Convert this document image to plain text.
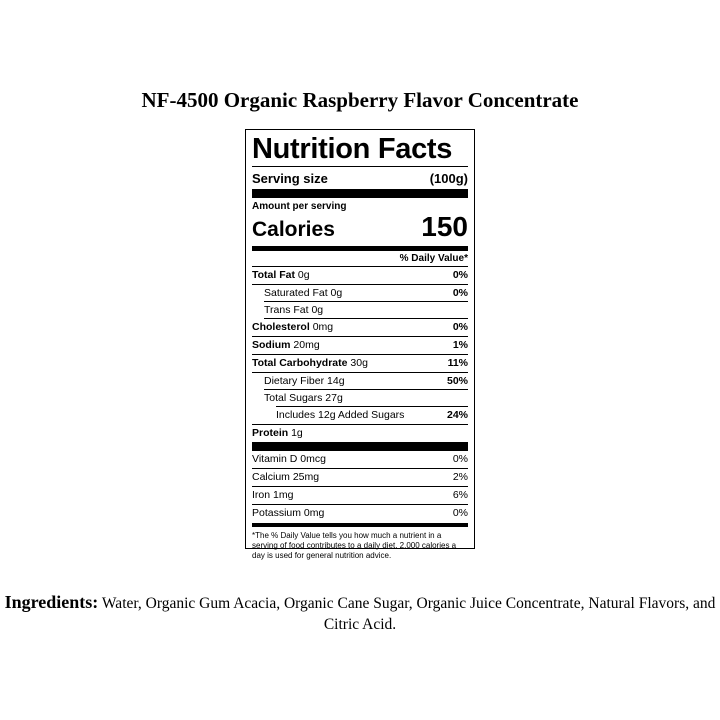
NF-4500 Organic Raspberry Flavor Concentrate
Nutrition Facts
Serving size	(100g)
Amount per serving
Calories	150
% Daily Value*
Total Fat 0g	0%
Saturated Fat 0g	0%
Trans Fat 0g
Cholesterol 0mg	0%
Sodium 20mg	1%
Total Carbohydrate 30g	11%
Dietary Fiber 14g	50%
Total Sugars 27g
Includes 12g Added Sugars	24%
Protein 1g
Vitamin D 0mcg	0%
Calcium 25mg	2%
Iron 1mg	6%
Potassium 0mg	0%
*The % Daily Value tells you how much a nutrient in a serving of food contributes to a daily diet. 2,000 calories a day is used for general nutrition advice.
Ingredients: Water, Organic Gum Acacia, Organic Cane Sugar, Organic Juice Concentrate, Natural Flavors, and Citric Acid.
